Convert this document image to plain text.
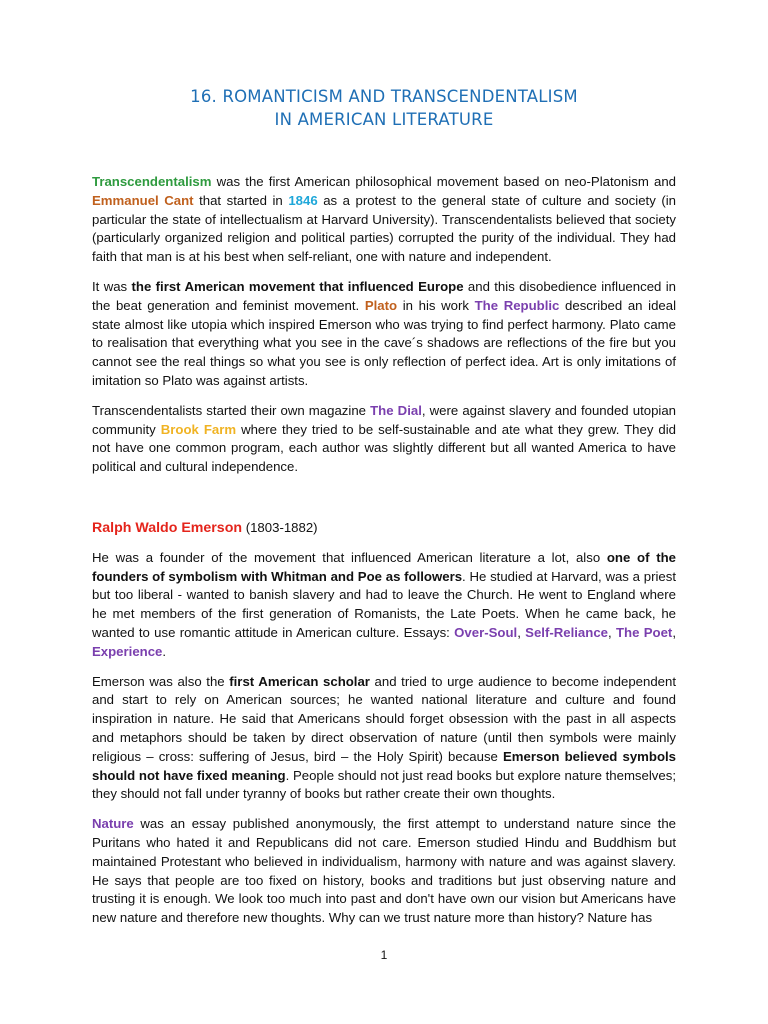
16. ROMANTICISM AND TRANSCENDENTALISM
IN AMERICAN LITERATURE

Transcendentalism was the first American philosophical movement based on neo-Platonism and Emmanuel Cant that started in 1846 as a protest to the general state of culture and society (in particular the state of intellectualism at Harvard University). Transcendentalists believed that society (particularly organized religion and political parties) corrupted the purity of the individual. They had faith that man is at his best when self-reliant, one with nature and independent.

It was the first American movement that influenced Europe and this disobedience influenced in the beat generation and feminist movement. Plato in his work The Republic described an ideal state almost like utopia which inspired Emerson who was trying to find perfect harmony. Plato came to realisation that everything what you see in the cave´s shadows are reflections of the fire but you cannot see the real things so what you see is only reflection of perfect idea. Art is only imitations of imitation so Plato was against artists.

Transcendentalists started their own magazine The Dial, were against slavery and founded utopian community Brook Farm where they tried to be self-sustainable and ate what they grew. They did not have one common program, each author was slightly different but all wanted America to have political and cultural independence.

Ralph Waldo Emerson (1803-1882)

He was a founder of the movement that influenced American literature a lot, also one of the founders of symbolism with Whitman and Poe as followers. He studied at Harvard, was a priest but too liberal - wanted to banish slavery and had to leave the Church. He went to England where he met members of the first generation of Romanists, the Late Poets. When he came back, he wanted to use romantic attitude in American culture. Essays: Over-Soul, Self-Reliance, The Poet, Experience.

Emerson was also the first American scholar and tried to urge audience to become independent and start to rely on American sources; he wanted national literature and culture and found inspiration in nature. He said that Americans should forget obsession with the past in all aspects and metaphors should be taken by direct observation of nature (until then symbols were mainly religious – cross: suffering of Jesus, bird – the Holy Spirit) because Emerson believed symbols should not have fixed meaning. People should not just read books but explore nature themselves; they should not fall under tyranny of books but rather create their own thoughts.

Nature was an essay published anonymously, the first attempt to understand nature since the Puritans who hated it and Republicans did not care. Emerson studied Hindu and Buddhism but maintained Protestant who believed in individualism, harmony with nature and was against slavery. He says that people are too fixed on history, books and traditions but just observing nature and trusting it is enough. We look too much into past and don't have own our vision but Americans have new nature and therefore new thoughts. Why can we trust nature more than history? Nature has

1
